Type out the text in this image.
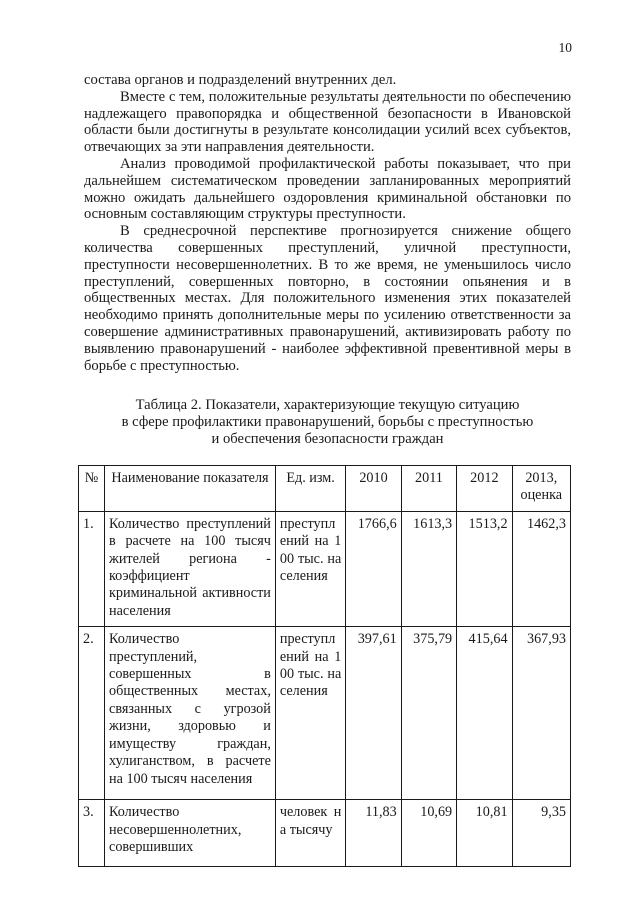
10

состава органов и подразделений внутренних дел.

Вместе с тем, положительные результаты деятельности по обеспечению надлежащего правопорядка и общественной безопасности в Ивановской области были достигнуты в результате консолидации усилий всех субъектов, отвечающих за эти направления деятельности.

Анализ проводимой профилактической работы показывает, что при дальнейшем систематическом проведении запланированных мероприятий можно ожидать дальнейшего оздоровления криминальной обстановки по основным составляющим структуры преступности.

В среднесрочной перспективе прогнозируется снижение общего количества совершенных преступлений, уличной преступности, преступности несовершеннолетних. В то же время, не уменьшилось число преступлений, совершенных повторно, в состоянии опьянения и в общественных местах. Для положительного изменения этих показателей необходимо принять дополнительные меры по усилению ответственности за совершение административных правонарушений, активизировать работу по выявлению правонарушений - наиболее эффективной превентивной меры в борьбе с преступностью.

Таблица 2. Показатели, характеризующие текущую ситуацию
в сфере профилактики правонарушений, борьбы с преступностью
и обеспечения безопасности граждан
№	Наименование показателя	Ед. изм.	2010	2011	2012	2013, оценка
1.	Количество преступлений в расчете на 100 тысяч жителей региона - коэффициент криминальной активности населения	преступлений на 100 тыс. населения	1766,6	1613,3	1513,2	1462,3
2.	Количество преступлений, совершенных в общественных местах, связанных с угрозой жизни, здоровью и имуществу граждан, хулиганством, в расчете на 100 тысяч населения	преступлений на 100 тыс. населения	397,61	375,79	415,64	367,93
3.	Количество несовершеннолетних, совершивших	человек на тысячу	11,83	10,69	10,81	9,35
